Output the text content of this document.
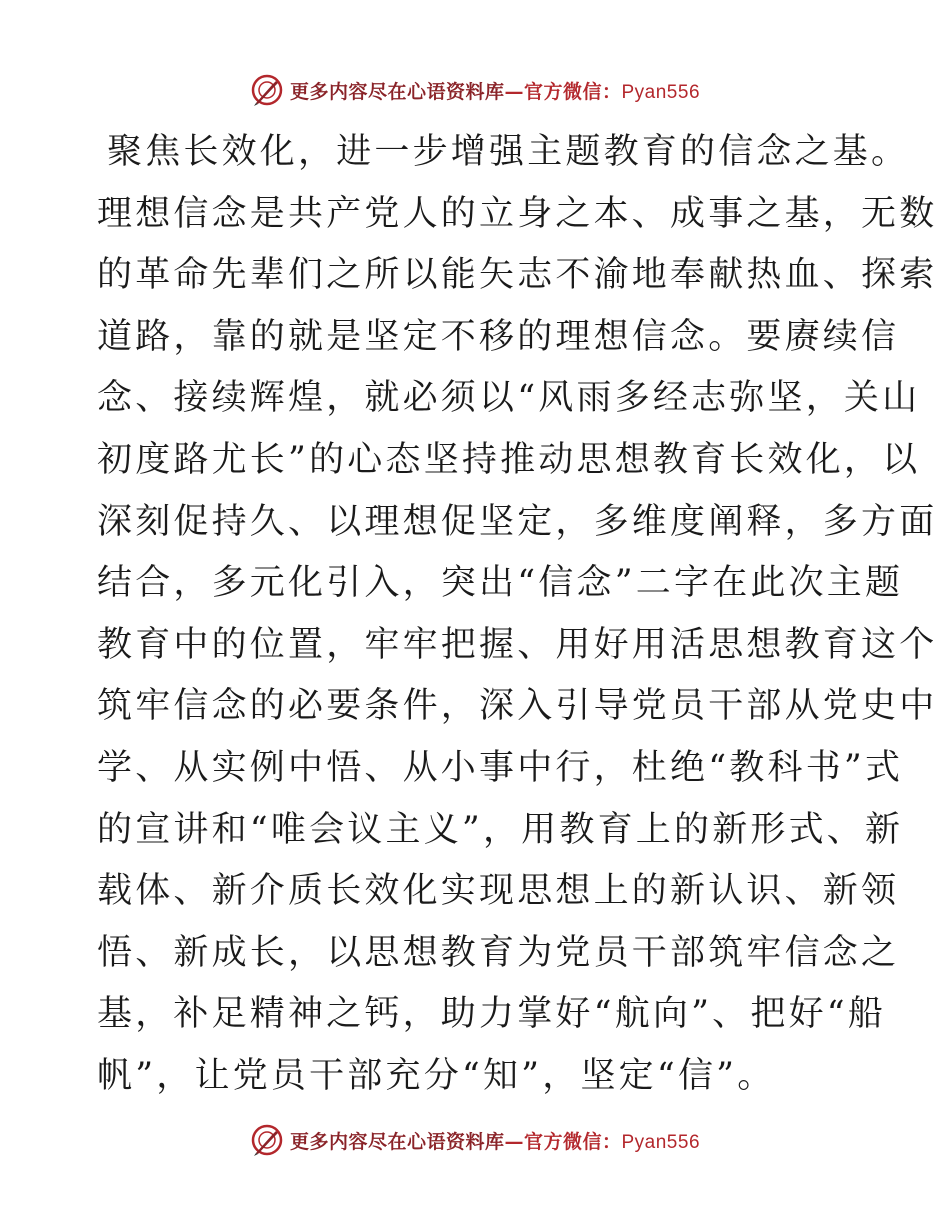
更多内容尽在心语资料库—官方微信：Pyan556
聚焦长效化，进一步增强主题教育的信念之基。
理想信念是共产党人的立身之本、成事之基，无数
的革命先辈们之所以能矢志不渝地奉献热血、探索
道路，靠的就是坚定不移的理想信念。要赓续信
念、接续辉煌，就必须以“风雨多经志弥坚，关山
初度路尤长”的心态坚持推动思想教育长效化，以
深刻促持久、以理想促坚定，多维度阐释，多方面
结合，多元化引入，突出“信念”二字在此次主题
教育中的位置，牢牢把握、用好用活思想教育这个
筑牢信念的必要条件，深入引导党员干部从党史中
学、从实例中悟、从小事中行，杜绝“教科书”式
的宣讲和“唯会议主义”，用教育上的新形式、新
载体、新介质长效化实现思想上的新认识、新领
悟、新成长，以思想教育为党员干部筑牢信念之
基，补足精神之钙，助力掌好“航向”、把好“船
帆”，让党员干部充分“知”，坚定“信”。
更多内容尽在心语资料库—官方微信：Pyan556
